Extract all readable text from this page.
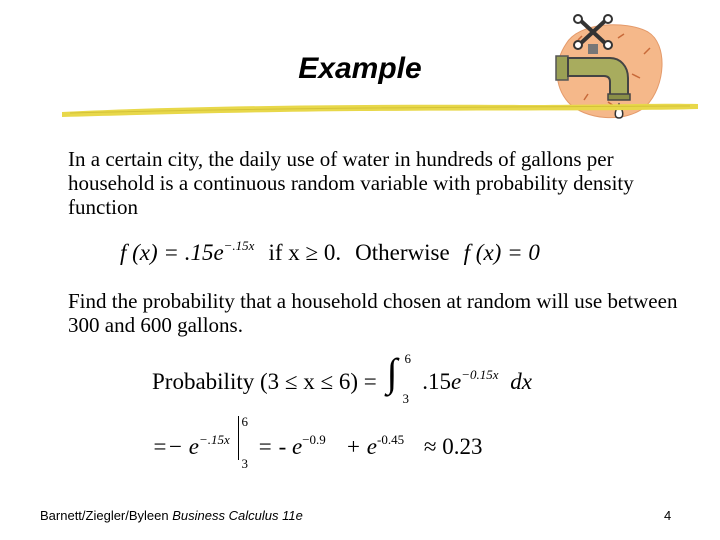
Example
In a certain city, the daily use of water in hundreds of gallons per household is a continuous random variable with probability density function
f $(x) = .15e^{-.15x}$ if x ≥ 0. Otherwise f (x) = 0
Find the probability that a household chosen at random will use between 300 and 600 gallons.
Probability (3 ≤ x ≤ 6) = ∫ 6
3
$.15e^{-0.15x}$ dx
=− $e^{-.15x}$
6
3
= - $e^{-0.9} + e^{-0.45} \approx 0.23$
Barnett/Ziegler/Byleen Business Calculus 11e	4
